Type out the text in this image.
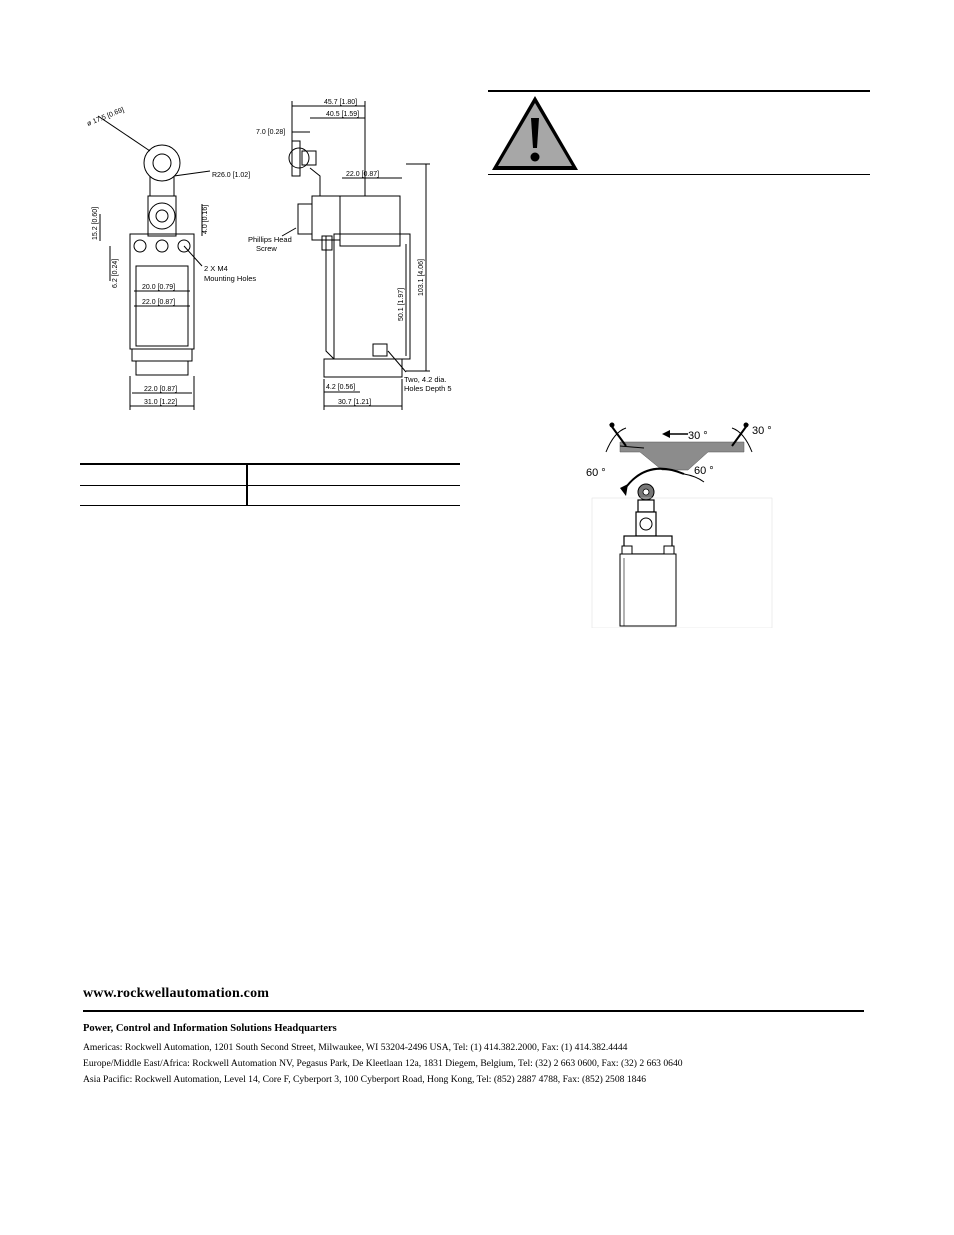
ø 17.5 [0.69]
R26.0 [1.02]
15.2 [0.60]	4.0 [0.16]
6.2 [0.24]	20.0 [0.79]
22.0 [0.87]
22.0 [0.87]
31.0 [1.22]
2 X M4
Mounting Holes
45.7 [1.80]
40.5 [1.59]
7.0 [0.28]
22.0 [0.87]
103.1 [4.06]
50.1 [1.97]
4.2 [0.56]
30.7 [1.21]
Phillips Head
Screw
Two, 4.2 dia.
Holes Depth 5
30 °	30 °
60 °	60 °
www.rockwellautomation.com
Power, Control and Information Solutions Headquarters
Americas: Rockwell Automation, 1201 South Second Street, Milwaukee, WI 53204-2496 USA, Tel: (1) 414.382.2000, Fax: (1) 414.382.4444
Europe/Middle East/Africa: Rockwell Automation NV, Pegasus Park, De Kleetlaan 12a, 1831 Diegem, Belgium, Tel: (32) 2 663 0600, Fax: (32) 2 663 0640
Asia Pacific: Rockwell Automation, Level 14, Core F, Cyberport 3, 100 Cyberport Road, Hong Kong, Tel: (852) 2887 4788, Fax: (852) 2508 1846
